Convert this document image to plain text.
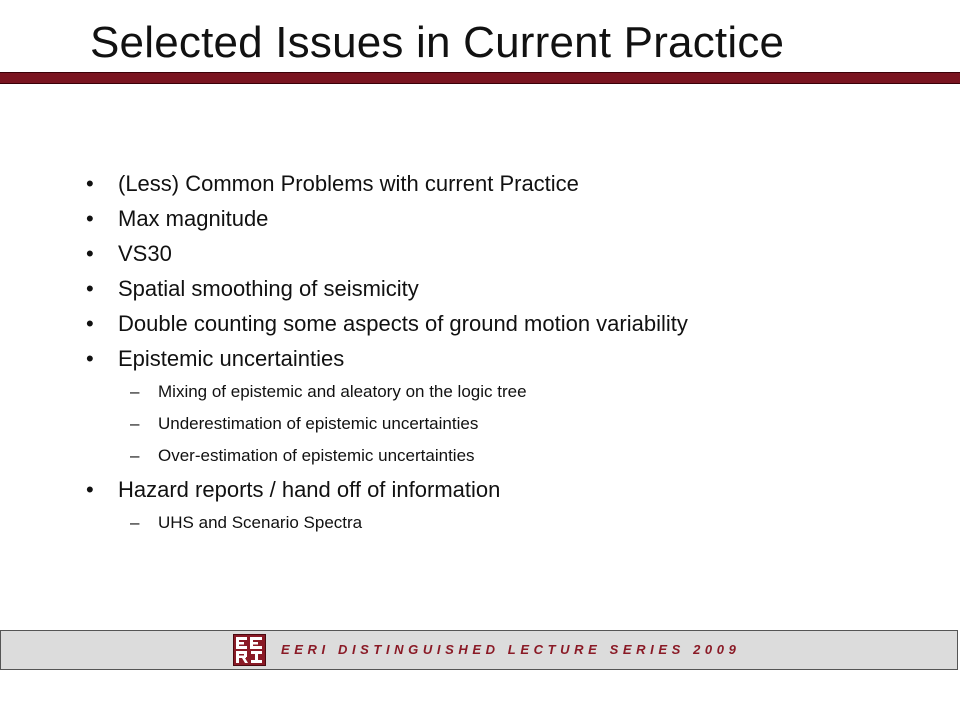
Selected Issues in Current Practice
• (Less) Common Problems with current Practice
• Max magnitude
• VS30
• Spatial smoothing of seismicity
• Double counting some aspects of ground motion variability
• Epistemic uncertainties
– Mixing of epistemic and aleatory on the logic tree
– Underestimation of epistemic uncertainties
– Over-estimation of epistemic uncertainties
• Hazard reports / hand off of information
– UHS and Scenario Spectra
EERI DISTINGUISHED LECTURE SERIES 2009
